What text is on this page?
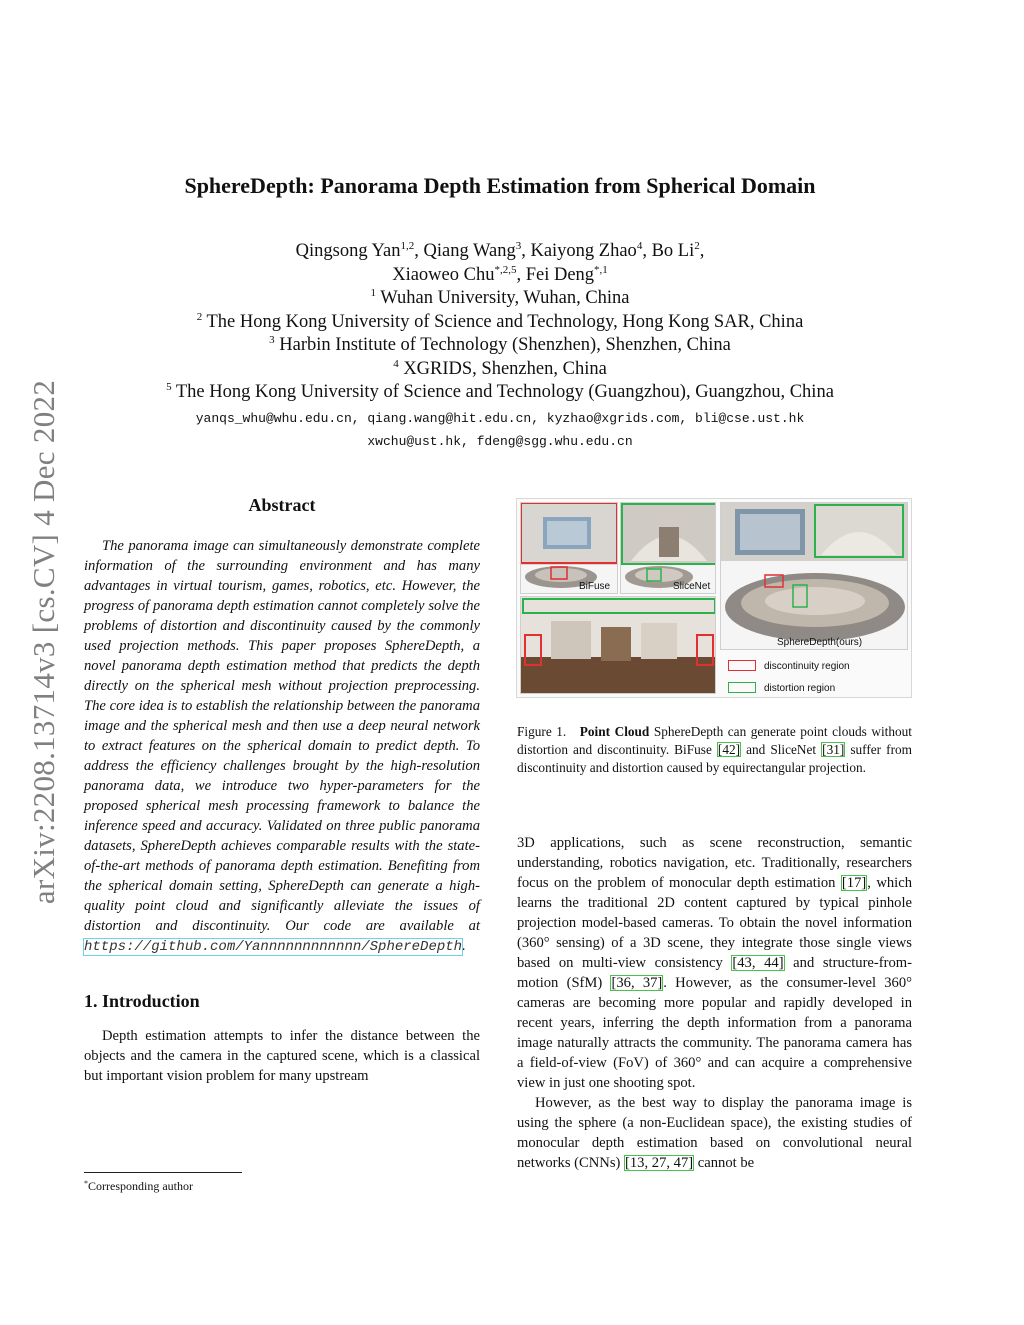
arXiv:2208.13714v3 [cs.CV] 4 Dec 2022
SphereDepth: Panorama Depth Estimation from Spherical Domain
Qingsong Yan$^{1,2}$, Qiang Wang$^3$, Kaiyong Zhao$^4$, Bo Li$^2$,
Xiaoweo Chu$^{*,2,5}$, Fei Deng$^{*,1}$
$^1$ Wuhan University, Wuhan, China
$^2$ The Hong Kong University of Science and Technology, Hong Kong SAR, China
$^3$ Harbin Institute of Technology (Shenzhen), Shenzhen, China
$^4$ XGRIDS, Shenzhen, China
$^5$ The Hong Kong University of Science and Technology (Guangzhou), Guangzhou, China
yanqs_whu@whu.edu.cn, qiang.wang@hit.edu.cn, kyzhao@xgrids.com, bli@cse.ust.hk
xwchu@ust.hk, fdeng@sgg.whu.edu.cn
Abstract

The panorama image can simultaneously demonstrate complete information of the surrounding environment and has many advantages in virtual tourism, games, robotics, etc. However, the progress of panorama depth estimation cannot completely solve the problems of distortion and discontinuity caused by the commonly used projection methods. This paper proposes SphereDepth, a novel panorama depth estimation method that predicts the depth directly on the spherical mesh without projection preprocessing. The core idea is to establish the relationship between the panorama image and the spherical mesh and then use a deep neural network to extract features on the spherical domain to predict depth. To address the efficiency challenges brought by the high-resolution panorama data, we introduce two hyper-parameters for the proposed spherical mesh processing framework to balance the inference speed and accuracy. Validated on three public panorama datasets, SphereDepth achieves comparable results with the state-of-the-art methods of panorama depth estimation. Benefiting from the spherical domain setting, SphereDepth can generate a high-quality point cloud and significantly alleviate the issues of distortion and discontinuity. Our code are available at https://github.com/Yannnnnnnnnnnn/SphereDepth.

1. Introduction

Depth estimation attempts to infer the distance between the objects and the camera in the captured scene, which is a classical but important vision problem for many upstream

*Corresponding author
BiFuse	SliceNet
SphereDepth(ours)
discontinuity region
distortion region
Figure 1. Point Cloud SphereDepth can generate point clouds without distortion and discontinuity. BiFuse [42] and SliceNet [31] suffer from discontinuity and distortion caused by equirectangular projection.

3D applications, such as scene reconstruction, semantic understanding, robotics navigation, etc. Traditionally, researchers focus on the problem of monocular depth estimation [17], which learns the traditional 2D content captured by typical pinhole projection model-based cameras. To obtain the novel information (360° sensing) of a 3D scene, they integrate those single views based on multi-view consistency [43, 44] and structure-from-motion (SfM) [36, 37]. However, as the consumer-level 360° cameras are becoming more popular and rapidly developed in recent years, inferring the depth information from a panorama image naturally attracts the community. The panorama camera has a field-of-view (FoV) of 360° and can acquire a comprehensive view in just one shooting spot.

However, as the best way to display the panorama image is using the sphere (a non-Euclidean space), the existing studies of monocular depth estimation based on convolutional neural networks (CNNs) [13, 27, 47] cannot be
